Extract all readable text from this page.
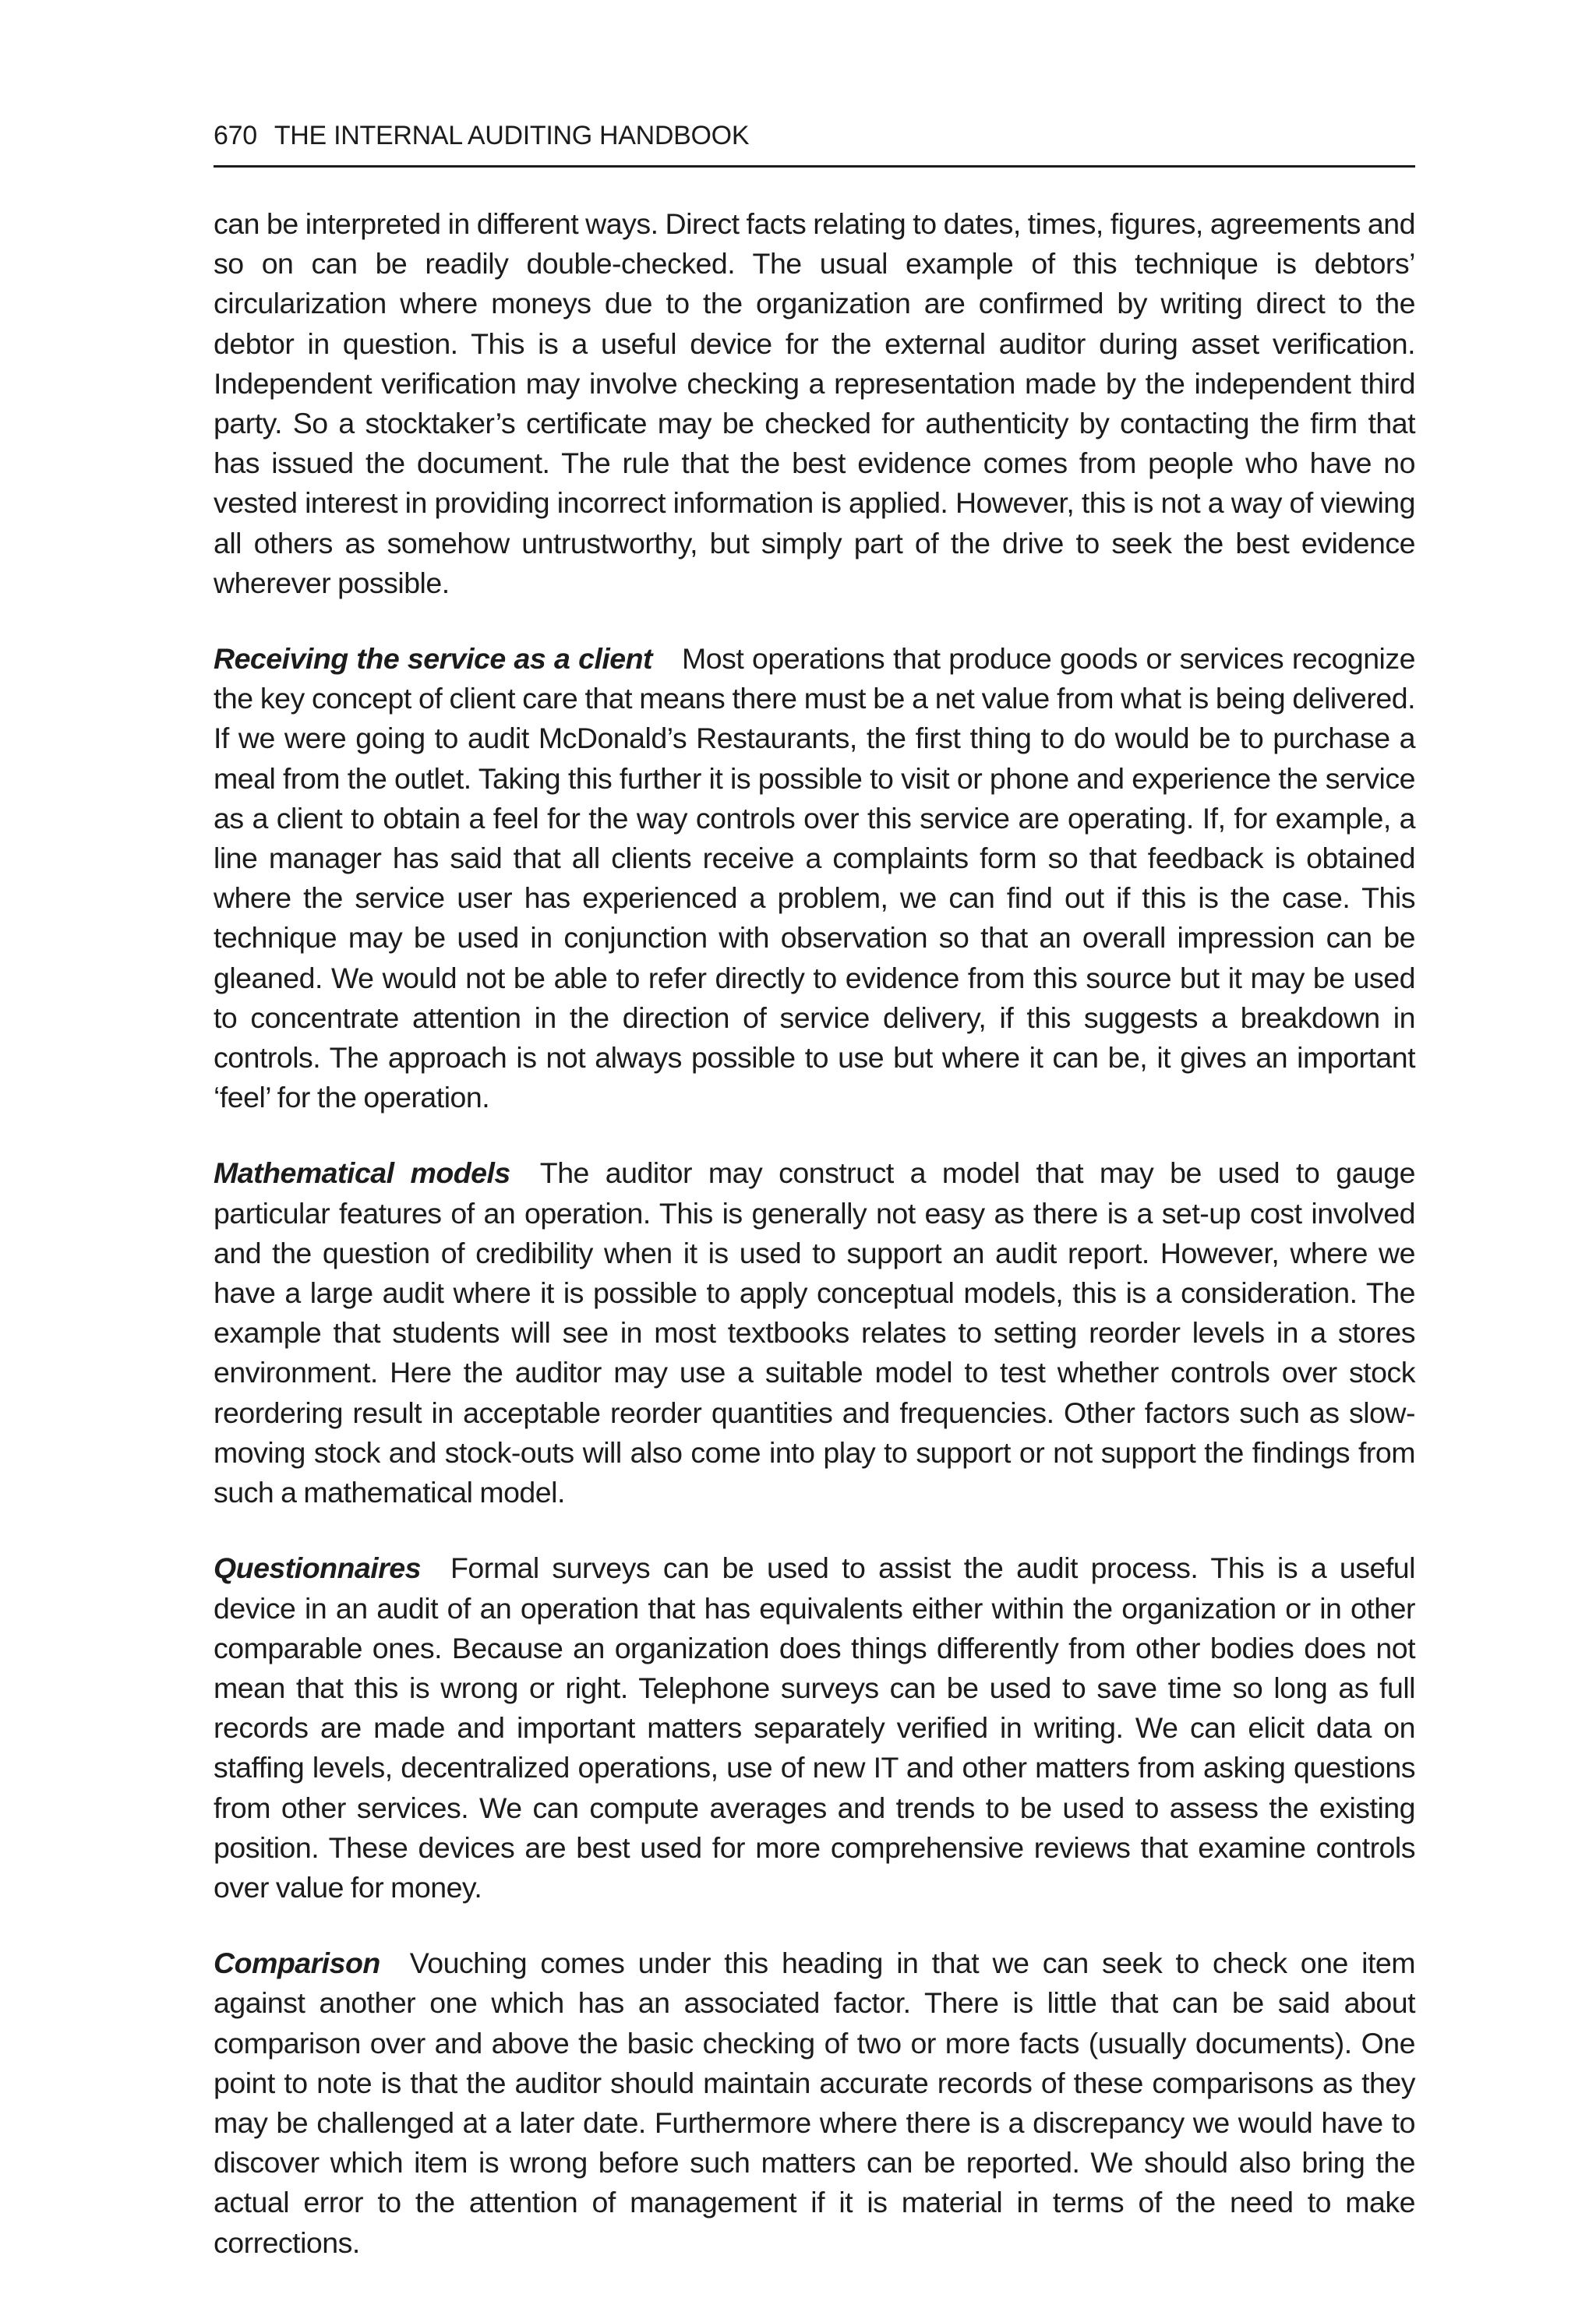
670 THE INTERNAL AUDITING HANDBOOK

can be interpreted in different ways. Direct facts relating to dates, times, figures, agreements and so on can be readily double-checked. The usual example of this technique is debtors’ circularization where moneys due to the organization are confirmed by writing direct to the debtor in question. This is a useful device for the external auditor during asset verification. Independent verification may involve checking a representation made by the independent third party. So a stocktaker’s certificate may be checked for authenticity by contacting the firm that has issued the document. The rule that the best evidence comes from people who have no vested interest in providing incorrect information is applied. However, this is not a way of viewing all others as somehow untrustworthy, but simply part of the drive to seek the best evidence wherever possible.

Receiving the service as a client Most operations that produce goods or services recognize the key concept of client care that means there must be a net value from what is being delivered. If we were going to audit McDonald’s Restaurants, the first thing to do would be to purchase a meal from the outlet. Taking this further it is possible to visit or phone and experience the service as a client to obtain a feel for the way controls over this service are operating. If, for example, a line manager has said that all clients receive a complaints form so that feedback is obtained where the service user has experienced a problem, we can find out if this is the case. This technique may be used in conjunction with observation so that an overall impression can be gleaned. We would not be able to refer directly to evidence from this source but it may be used to concentrate attention in the direction of service delivery, if this suggests a breakdown in controls. The approach is not always possible to use but where it can be, it gives an important ‘feel’ for the operation.

Mathematical models The auditor may construct a model that may be used to gauge particular features of an operation. This is generally not easy as there is a set-up cost involved and the question of credibility when it is used to support an audit report. However, where we have a large audit where it is possible to apply conceptual models, this is a consideration. The example that students will see in most textbooks relates to setting reorder levels in a stores environment. Here the auditor may use a suitable model to test whether controls over stock reordering result in acceptable reorder quantities and frequencies. Other factors such as slow-moving stock and stock-outs will also come into play to support or not support the findings from such a mathematical model.

Questionnaires Formal surveys can be used to assist the audit process. This is a useful device in an audit of an operation that has equivalents either within the organization or in other comparable ones. Because an organization does things differently from other bodies does not mean that this is wrong or right. Telephone surveys can be used to save time so long as full records are made and important matters separately verified in writing. We can elicit data on staffing levels, decentralized operations, use of new IT and other matters from asking questions from other services. We can compute averages and trends to be used to assess the existing position. These devices are best used for more comprehensive reviews that examine controls over value for money.

Comparison Vouching comes under this heading in that we can seek to check one item against another one which has an associated factor. There is little that can be said about comparison over and above the basic checking of two or more facts (usually documents). One point to note is that the auditor should maintain accurate records of these comparisons as they may be challenged at a later date. Furthermore where there is a discrepancy we would have to discover which item is wrong before such matters can be reported. We should also bring the actual error to the attention of management if it is material in terms of the need to make corrections.
